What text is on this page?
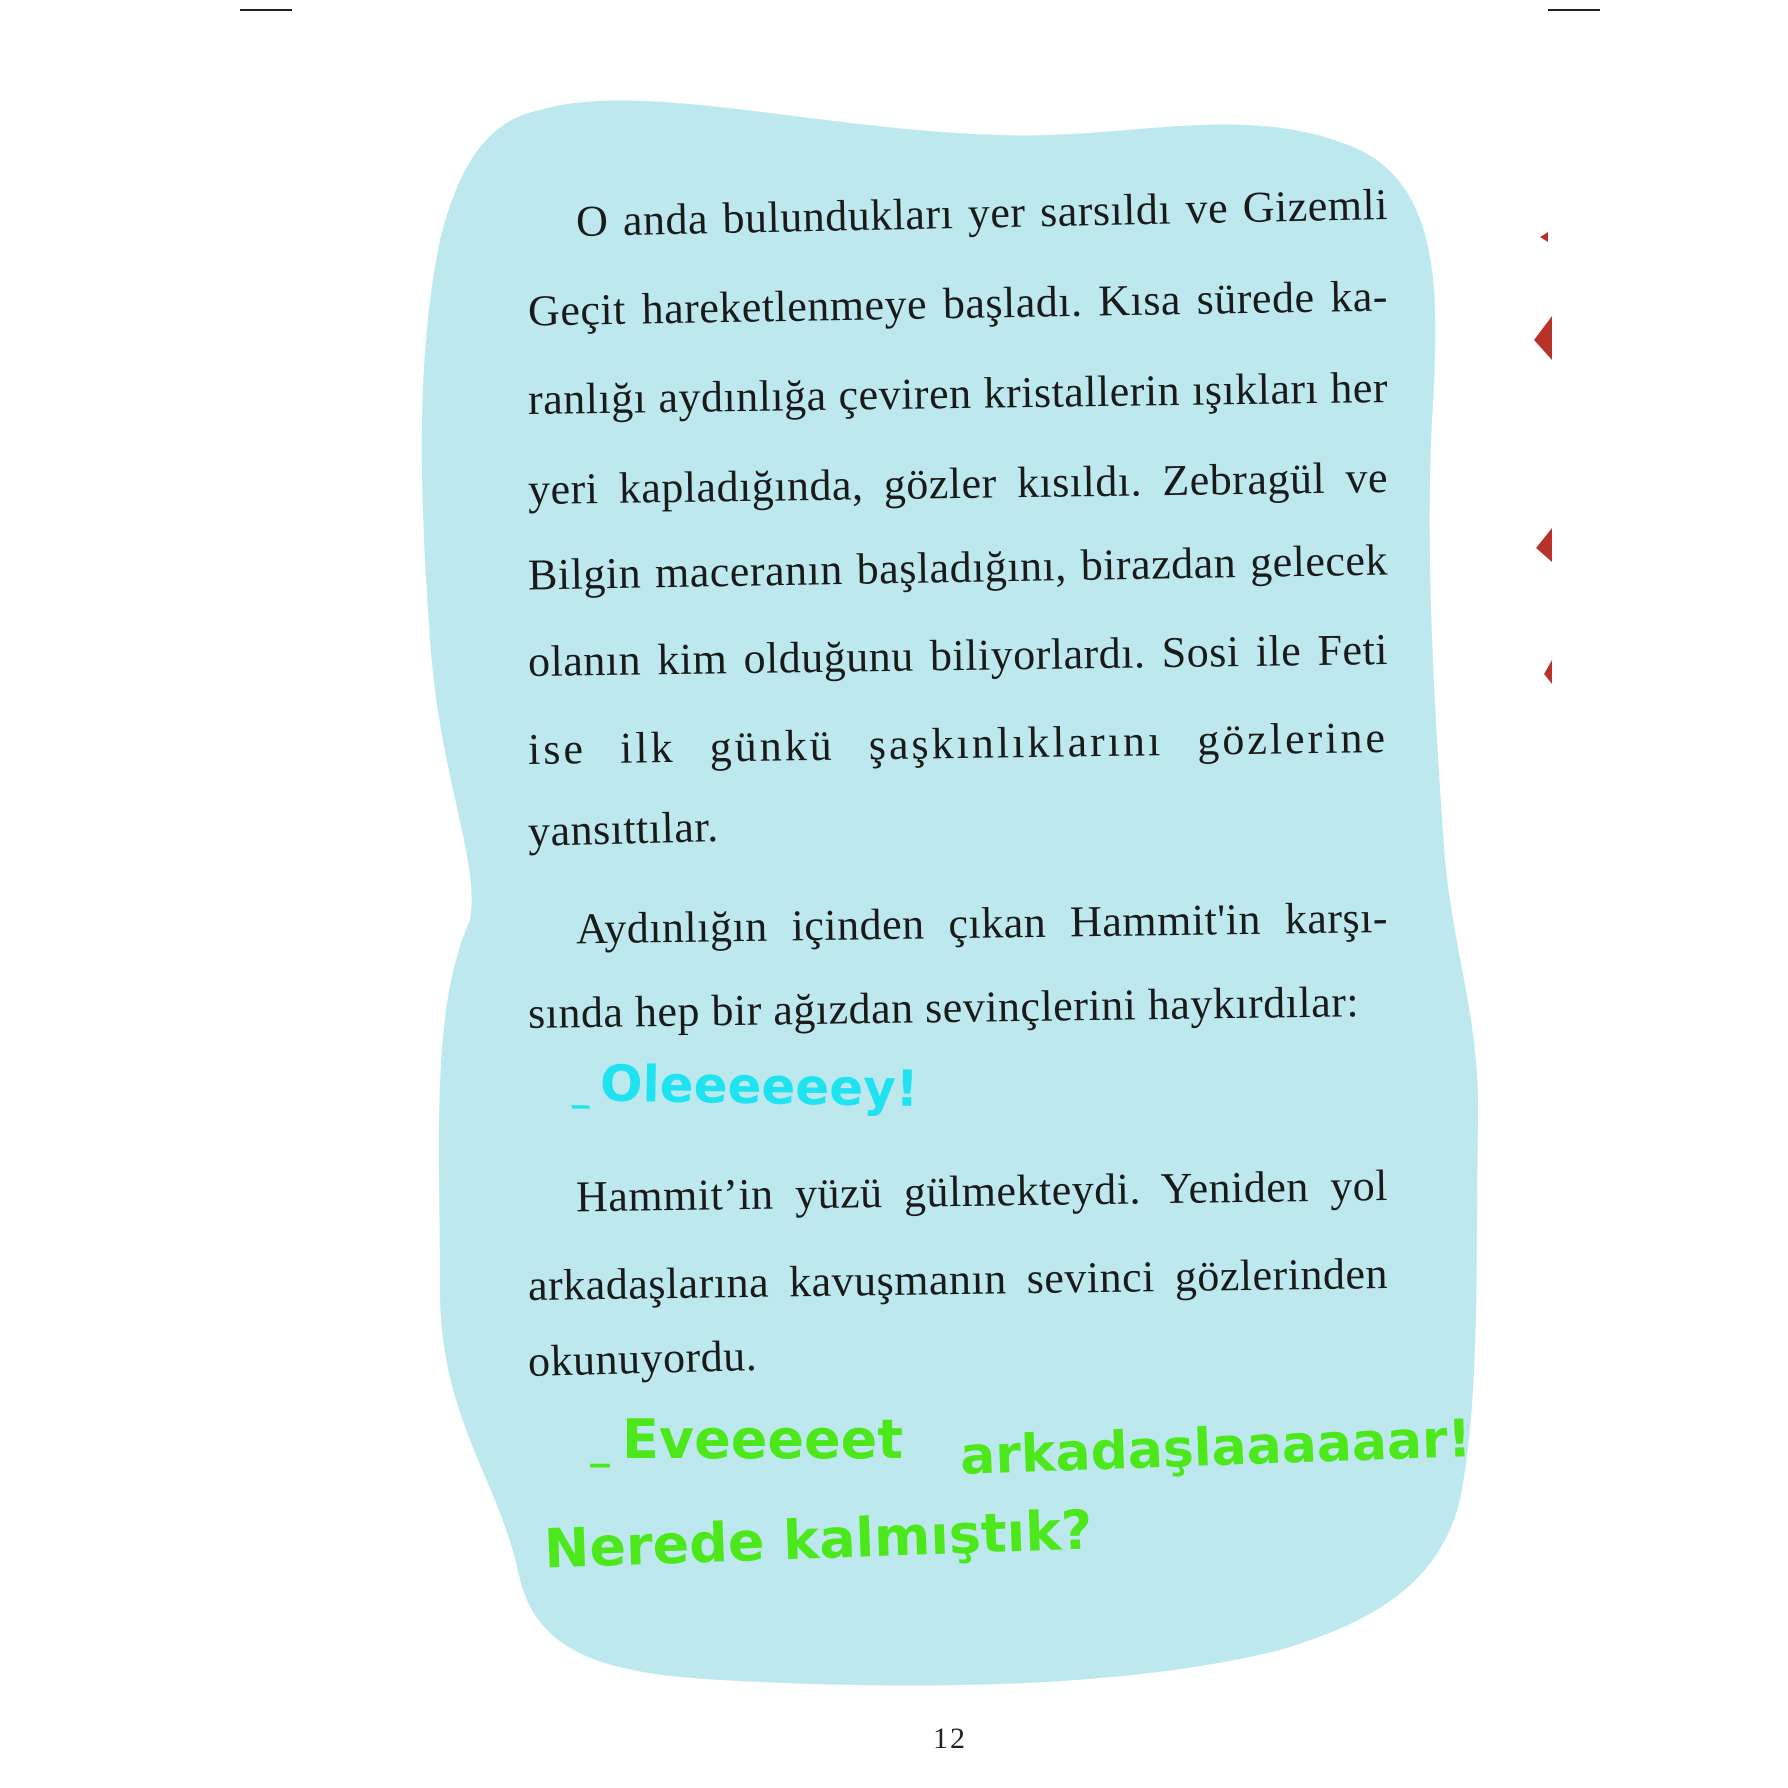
O anda bulundukları yer sarsıldı ve Gizemli
Geçit hareketlenmeye başladı. Kısa sürede ka-
ranlığı aydınlığa çeviren kristallerin ışıkları her
yeri kapladığında, gözler kısıldı. Zebragül ve
Bilgin maceranın başladığını, birazdan gelecek
olanın kim olduğunu biliyorlardı. Sosi ile Feti
ise ilk günkü şaşkınlıklarını gözlerine
yansıttılar.
Aydınlığın içinden çıkan Hammit'in karşı-
sında hep bir ağızdan sevinçlerini haykırdılar:
_ Oleeeeeey!
Hammit’in yüzü gülmekteydi. Yeniden yol
arkadaşlarına kavuşmanın sevinci gözlerinden
okunuyordu.
_ Eveeeeet arkadaşlaaaaaar!
Nerede kalmıştık?
12
